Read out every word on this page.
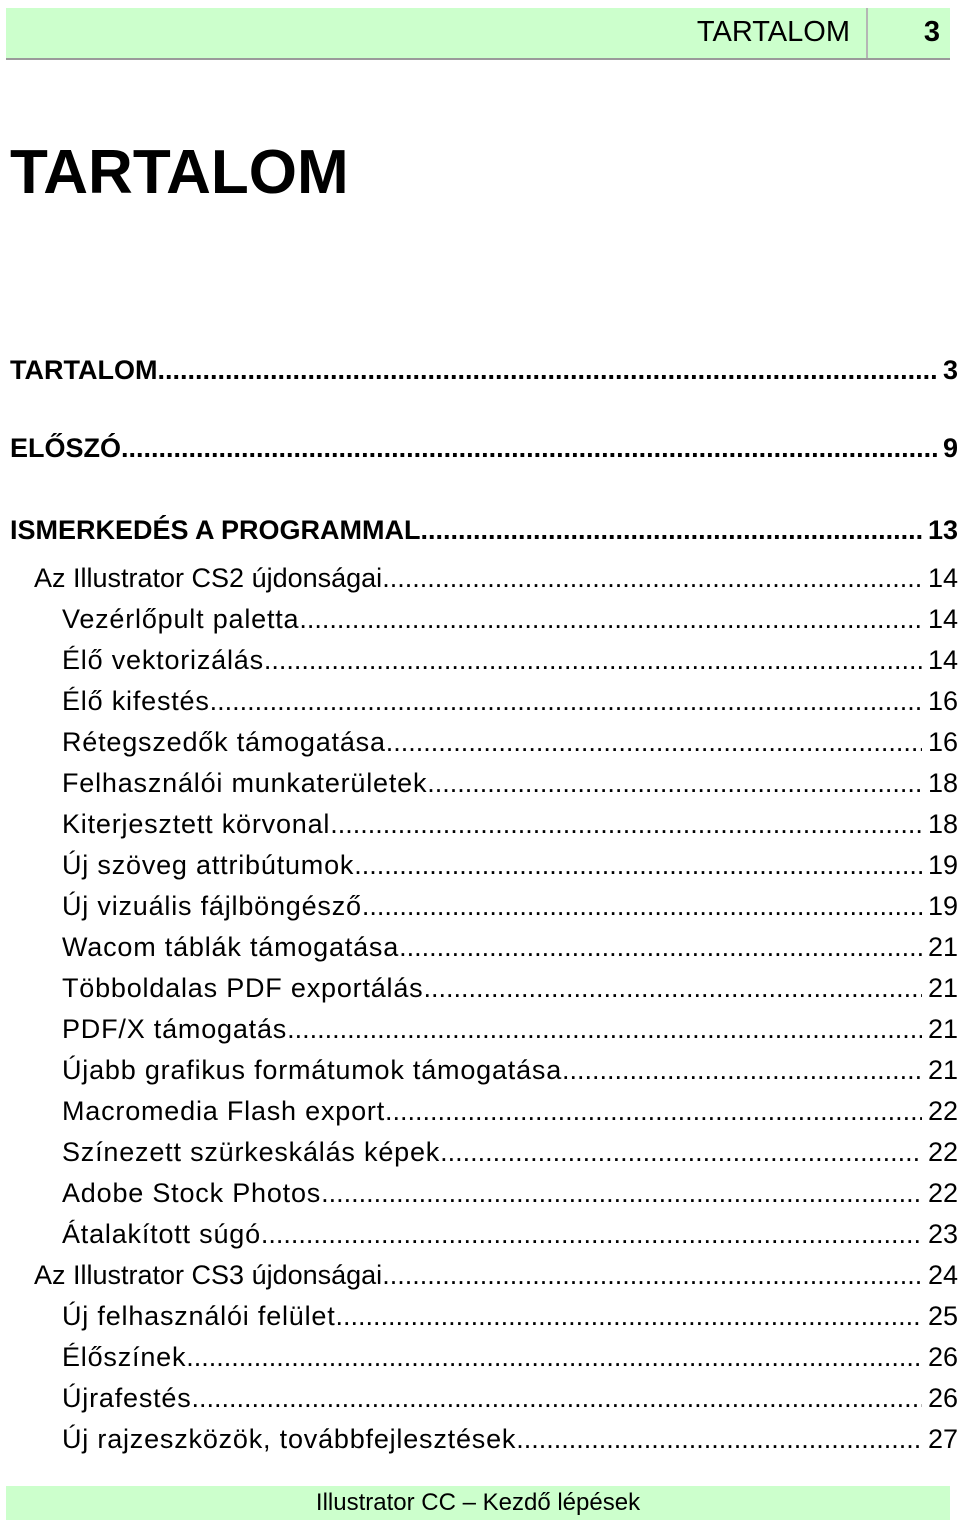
TARTALOM	3
TARTALOM
TARTALOM .....	3
ELŐSZÓ .....	9
ISMERKEDÉS A PROGRAMMAL .....	13
Az Illustrator CS2 újdonságai .....	14
Vezérlőpult paletta .....	14
Élő vektorizálás .....	14
Élő kifestés .....	16
Rétegszedők támogatása .....	16
Felhasználói munkaterületek .....	18
Kiterjesztett körvonal .....	18
Új szöveg attribútumok .....	19
Új vizuális fájlböngésző .....	19
Wacom táblák támogatása .....	21
Többoldalas PDF exportálás .....	21
PDF/X támogatás .....	21
Újabb grafikus formátumok támogatása .....	21
Macromedia Flash export .....	22
Színezett szürkeskálás képek .....	22
Adobe Stock Photos .....	22
Átalakított súgó .....	23
Az Illustrator CS3 újdonságai .....	24
Új felhasználói felület .....	25
Élőszínek .....	26
Újrafestés .....	26
Új rajzeszközök, továbbfejlesztések .....	27
Illustrator CC – Kezdő lépések
